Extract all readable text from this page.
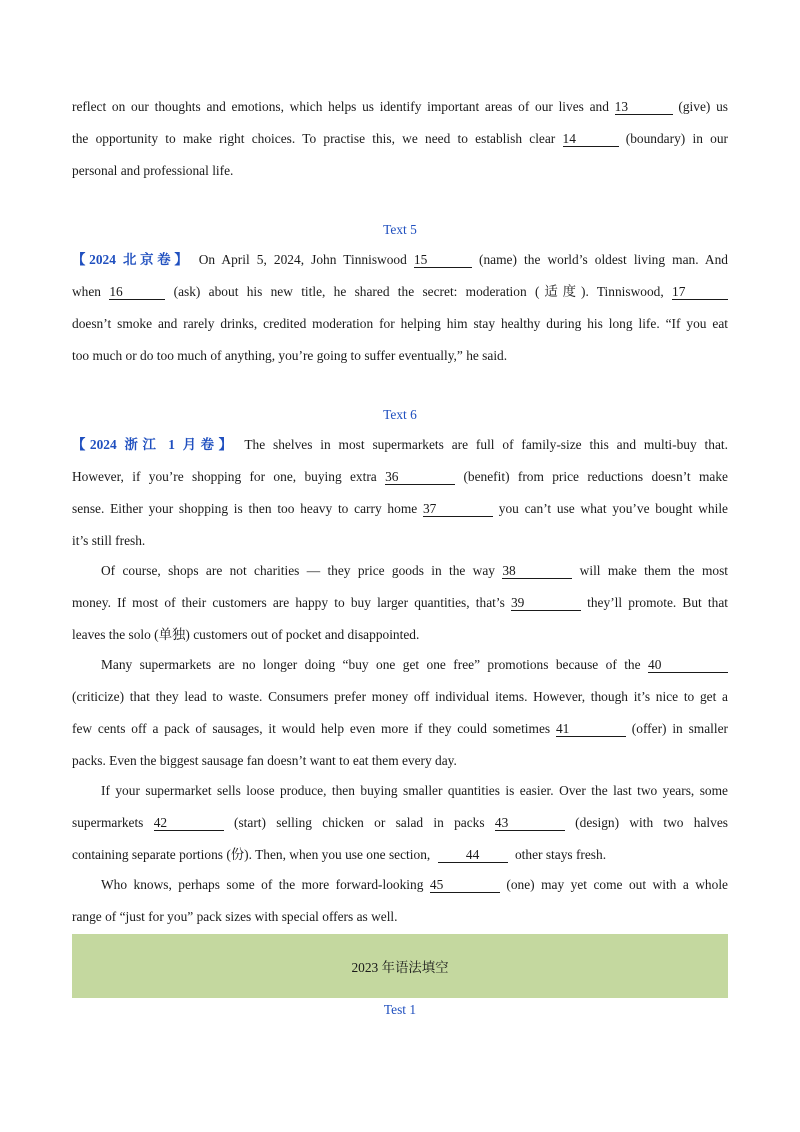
reflect on our thoughts and emotions, which helps us identify important areas of our lives and 13	(give) us
the opportunity to make right choices. To practise this, we need to establish clear 14	(boundary) in our
personal and professional life.
Text 5
【2024 北京卷】 On April 5, 2024, John Tinniswood 15	(name) the world’s oldest living man. And
when 16	(ask) about his new title, he shared the secret: moderation (适度). Tinniswood, 17
doesn’t smoke and rarely drinks, credited moderation for helping him stay healthy during his long life. “If you eat
too much or do too much of anything, you’re going to suffer eventually,” he said.
Text 6
【2024 浙江 1 月卷】 The shelves in most supermarkets are full of family-size this and multi-buy that.
However, if you’re shopping for one, buying extra 36	(benefit) from price reductions doesn’t make
sense. Either your shopping is then too heavy to carry home 37	you can’t use what you’ve bought while
it’s still fresh.
Of course, shops are not charities — they price goods in the way 38	will make them the most
money. If most of their customers are happy to buy larger quantities, that’s 39	they’ll promote. But that
leaves the solo (单独) customers out of pocket and disappointed.
Many supermarkets are no longer doing “buy one get one free” promotions because of the 40
(criticize) that they lead to waste. Consumers prefer money off individual items. However, though it’s nice to get a
few cents off a pack of sausages, it would help even more if they could sometimes 41	(offer) in smaller
packs. Even the biggest sausage fan doesn’t want to eat them every day.
If your supermarket sells loose produce, then buying smaller quantities is easier. Over the last two years, some
supermarkets 42	(start) selling chicken or salad in packs 43	(design) with two halves
containing separate portions (份). Then, when you use one section,	44	other stays fresh.
Who knows, perhaps some of the more forward-looking 45	(one) may yet come out with a whole
range of “just for you” pack sizes with special offers as well.
2023 年语法填空
Test 1
